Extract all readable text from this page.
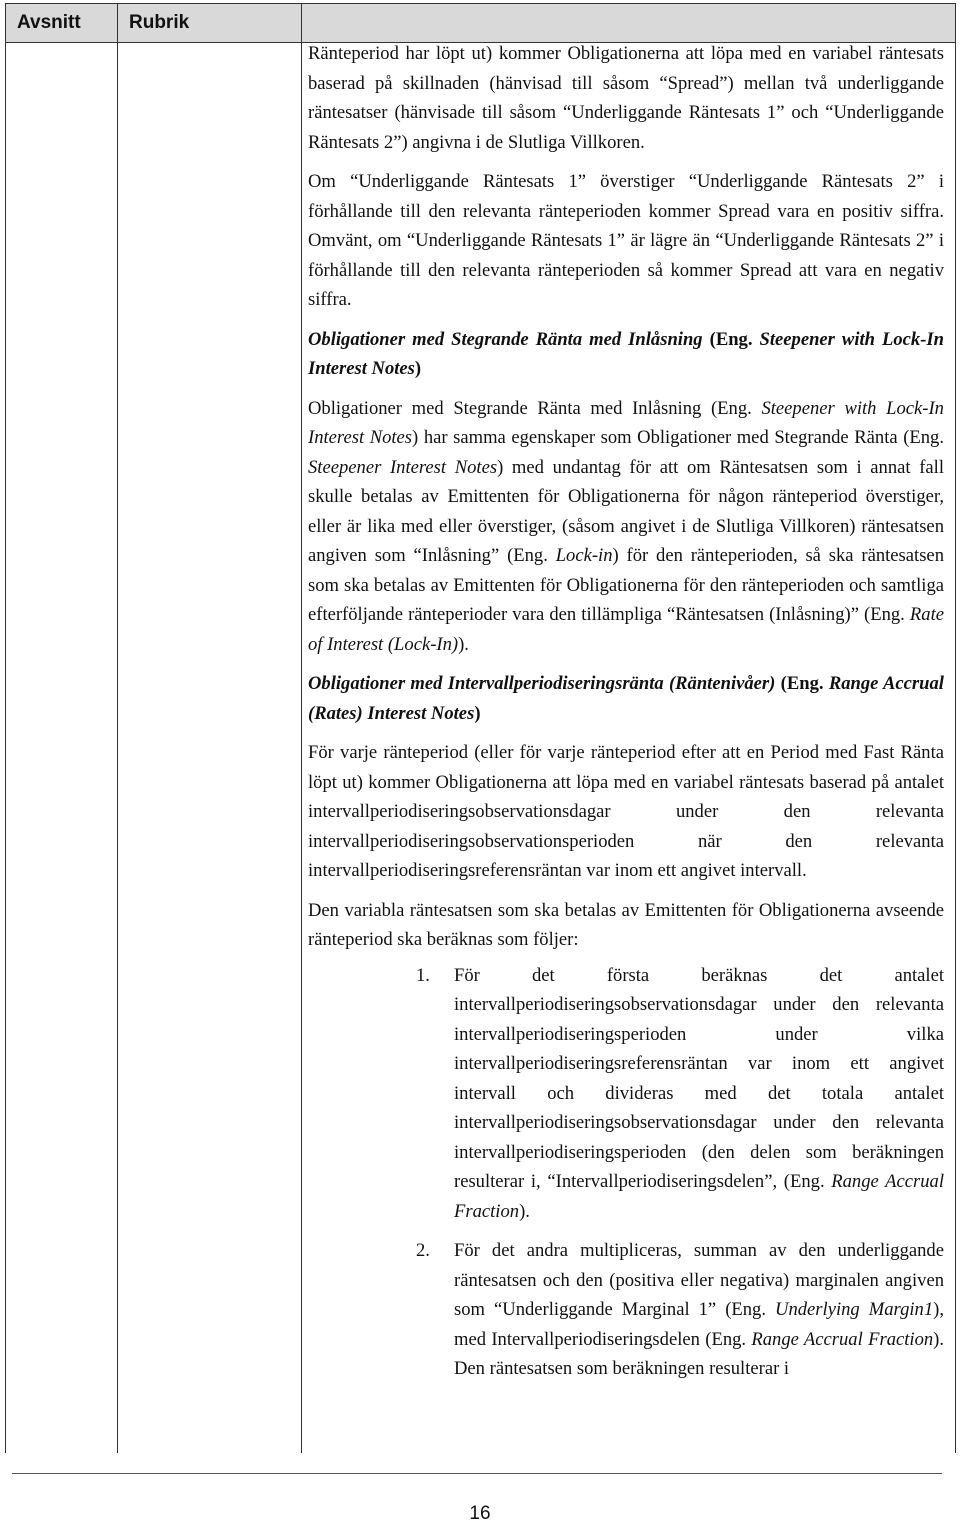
Avsnitt	Rubrik

Ränteperiod har löpt ut) kommer Obligationerna att löpa med en variabel räntesats baserad på skillnaden (hänvisad till såsom “Spread”) mellan två underliggande räntesatser (hänvisade till såsom “Underliggande Räntesats 1” och “Underliggande Räntesats 2”) angivna i de Slutliga Villkoren.

Om “Underliggande Räntesats 1” överstiger “Underliggande Räntesats 2” i förhållande till den relevanta ränteperioden kommer Spread vara en positiv siffra. Omvänt, om “Underliggande Räntesats 1” är lägre än “Underliggande Räntesats 2” i förhållande till den relevanta ränteperioden så kommer Spread att vara en negativ siffra.

Obligationer med Stegrande Ränta med Inlåsning (Eng. Steepener with Lock-In Interest Notes)

Obligationer med Stegrande Ränta med Inlåsning (Eng. Steepener with Lock-In Interest Notes) har samma egenskaper som Obligationer med Stegrande Ränta (Eng. Steepener Interest Notes) med undantag för att om Räntesatsen som i annat fall skulle betalas av Emittenten för Obligationerna för någon ränteperiod överstiger, eller är lika med eller överstiger, (såsom angivet i de Slutliga Villkoren) räntesatsen angiven som “Inlåsning” (Eng. Lock-in) för den ränteperioden, så ska räntesatsen som ska betalas av Emittenten för Obligationerna för den ränteperioden och samtliga efterföljande ränteperioder vara den tillämpliga “Räntesatsen (Inlåsning)” (Eng. Rate of Interest (Lock-In)).

Obligationer med Intervallperiodiseringsränta (Räntenivåer) (Eng. Range Accrual (Rates) Interest Notes)

För varje ränteperiod (eller för varje ränteperiod efter att en Period med Fast Ränta löpt ut) kommer Obligationerna att löpa med en variabel räntesats baserad på antalet intervallperiodiseringsobservationsdagar under den relevanta intervallperiodiseringsobservationsperioden när den relevanta intervallperiodiseringsreferensräntan var inom ett angivet intervall.

Den variabla räntesatsen som ska betalas av Emittenten för Obligationerna avseende ränteperiod ska beräknas som följer:

1. För det första beräknas det antalet intervallperiodiseringsobservationsdagar under den relevanta intervallperiodiseringsperioden under vilka intervallperiodiseringsreferensräntan var inom ett angivet intervall och divideras med det totala antalet intervallperiodiseringsobservationsdagar under den relevanta intervallperiodiseringsperioden (den delen som beräkningen resulterar i, “Intervallperiodiseringsdelen”, (Eng. Range Accrual Fraction).
2. För det andra multipliceras, summan av den underliggande räntesatsen och den (positiva eller negativa) marginalen angiven som “Underliggande Marginal 1” (Eng. Underlying Margin1), med Intervallperiodiseringsdelen (Eng. Range Accrual Fraction). Den räntesatsen som beräkningen resulterar i
16
